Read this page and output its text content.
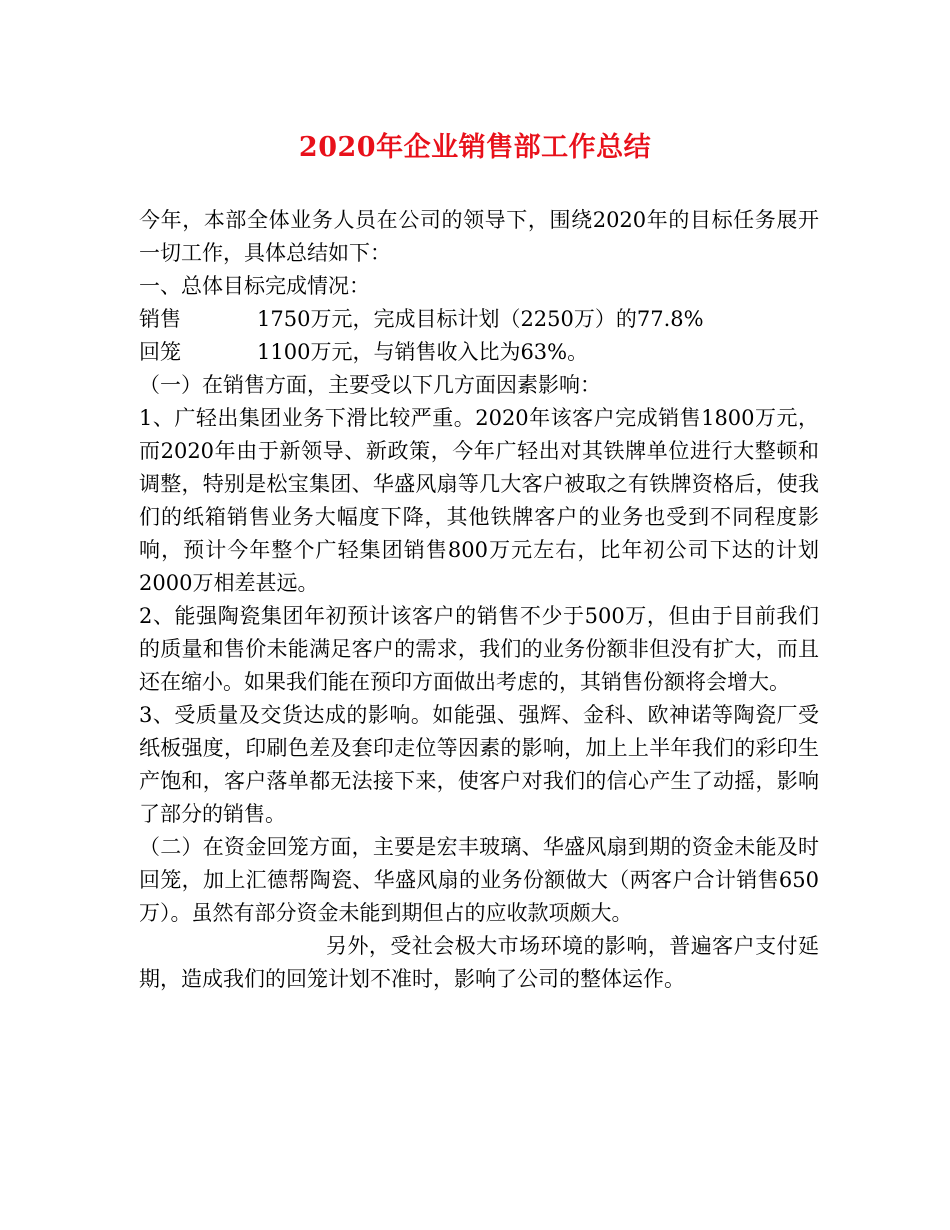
2020年企业销售部工作总结

今年，本部全体业务人员在公司的领导下，围绕2020年的目标任务展开一切工作，具体总结如下：

一、总体目标完成情况：

销售	1750万元，完成目标计划（2250万）的77.8%
回笼	1100万元，与销售收入比为63%。

（一）在销售方面，主要受以下几方面因素影响：

1、广轻出集团业务下滑比较严重。2020年该客户完成销售1800万元，而2020年由于新领导、新政策，今年广轻出对其铁牌单位进行大整顿和调整，特别是松宝集团、华盛风扇等几大客户被取之有铁牌资格后，使我们的纸箱销售业务大幅度下降，其他铁牌客户的业务也受到不同程度影响，预计今年整个广轻集团销售800万元左右，比年初公司下达的计划2000万相差甚远。

2、能强陶瓷集团年初预计该客户的销售不少于500万，但由于目前我们的质量和售价未能满足客户的需求，我们的业务份额非但没有扩大，而且还在缩小。如果我们能在预印方面做出考虑的，其销售份额将会增大。

3、受质量及交货达成的影响。如能强、强辉、金科、欧神诺等陶瓷厂受纸板强度，印刷色差及套印走位等因素的影响，加上上半年我们的彩印生产饱和，客户落单都无法接下来，使客户对我们的信心产生了动摇，影响了部分的销售。

（二）在资金回笼方面，主要是宏丰玻璃、华盛风扇到期的资金未能及时回笼，加上汇德帮陶瓷、华盛风扇的业务份额做大（两客户合计销售650万）。虽然有部分资金未能到期但占的应收款项颇大。

另外，受社会极大市场环境的影响，普遍客户支付延期，造成我们的回笼计划不准时，影响了公司的整体运作。
